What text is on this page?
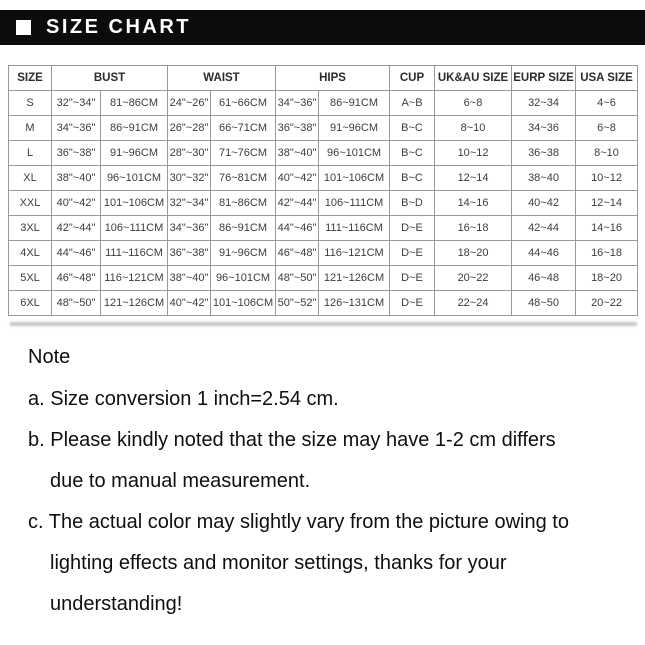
SIZE CHART
SIZE	BUST		WAIST		HIPS		CUP	UK&AU SIZE	EURP SIZE	USA SIZE
S	32"~34"	81~86CM	24"~26"	61~66CM	34"~36"	86~91CM	A~B	6~8	32~34	4~6
M	34"~36"	86~91CM	26"~28"	66~71CM	36"~38"	91~96CM	B~C	8~10	34~36	6~8
L	36"~38"	91~96CM	28"~30"	71~76CM	38"~40"	96~101CM	B~C	10~12	36~38	8~10
XL	38"~40"	96~101CM	30"~32"	76~81CM	40"~42"	101~106CM	B~C	12~14	38~40	10~12
XXL	40"~42"	101~106CM	32"~34"	81~86CM	42"~44"	106~111CM	B~D	14~16	40~42	12~14
3XL	42"~44"	106~111CM	34"~36"	86~91CM	44"~46"	111~116CM	D~E	16~18	42~44	14~16
4XL	44"~46"	111~116CM	36"~38"	91~96CM	46"~48"	116~121CM	D~E	18~20	44~46	16~18
5XL	46"~48"	116~121CM	38"~40"	96~101CM	48"~50"	121~126CM	D~E	20~22	46~48	18~20
6XL	48"~50"	121~126CM	40"~42"	101~106CM	50"~52"	126~131CM	D~E	22~24	48~50	20~22
Note
a. Size conversion 1 inch=2.54 cm.
b. Please kindly noted that the size may have 1-2 cm differs
due to manual measurement.
c. The actual color may slightly vary from the picture owing to
lighting effects and monitor settings, thanks for your
understanding!
